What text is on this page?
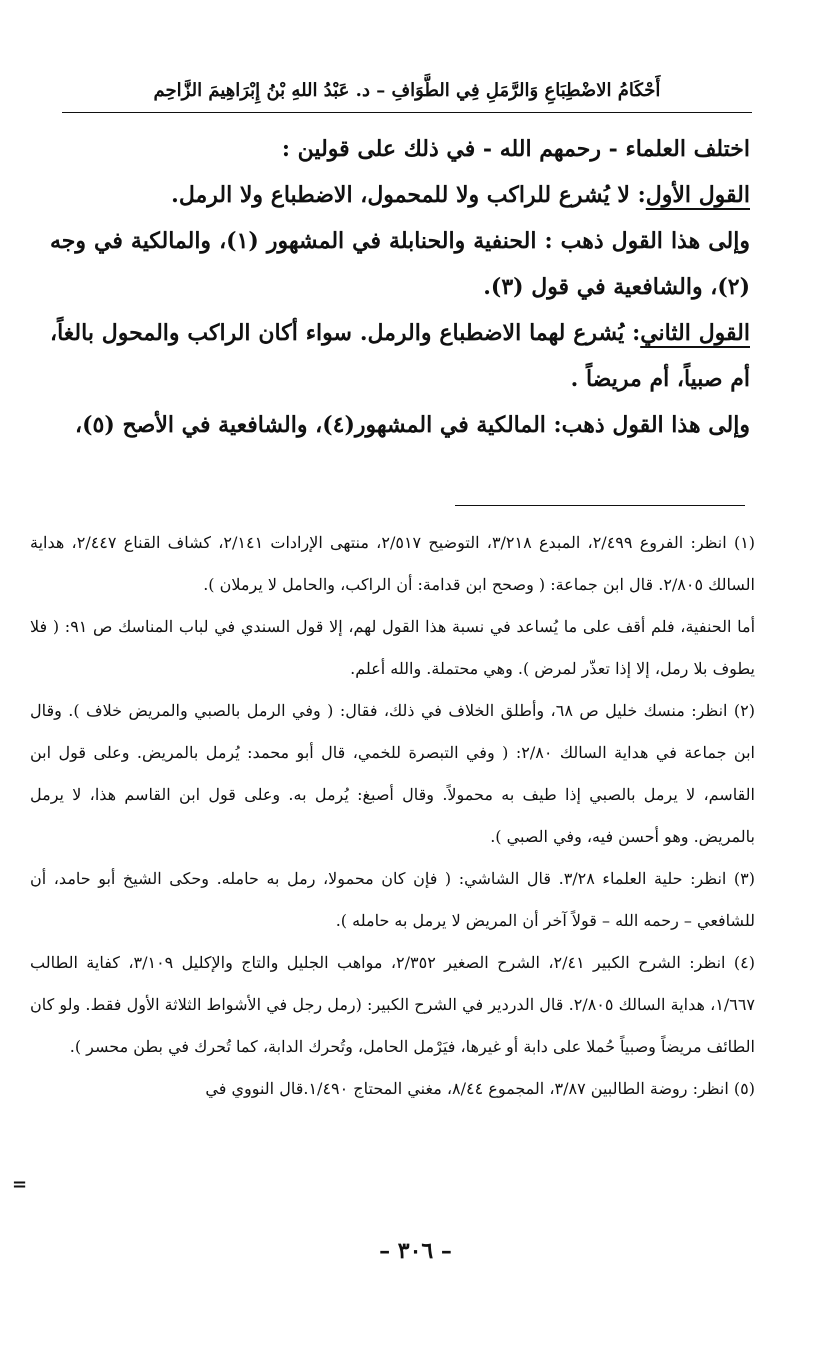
أَحْكَامُ الاضْطِبَاعِ وَالرَّمَلِ فِي الطَّوَافِ – د. عَبْدُ اللهِ بْنُ إِبْرَاهِيمَ الزَّاحِم

اختلف العلماء - رحمهم الله - في ذلك على قولين :

القول الأول: لا يُشرع للراكب ولا للمحمول، الاضطباع ولا الرمل.

وإلى هذا القول ذهب : الحنفية والحنابلة في المشهور (١)، والمالكية في وجه (٢)، والشافعية في قول (٣).

القول الثاني: يُشرع لهما الاضطباع والرمل. سواء أكان الراكب والمحول بالغاً، أم صبياً، أم مريضاً .

وإلى هذا القول ذهب: المالكية في المشهور(٤)، والشافعية في الأصح (٥)،

(١) انظر: الفروع ٢/٤٩٩، المبدع ٣/٢١٨، التوضيح ٢/٥١٧، منتهى الإرادات ٢/١٤١، كشاف القناع ٢/٤٤٧، هداية السالك ٢/٨٠٥. قال ابن جماعة: ( وصحح ابن قدامة: أن الراكب، والحامل لا يرملان ).

أما الحنفية، فلم أقف على ما يُساعد في نسبة هذا القول لهم، إلا قول السندي في لباب المناسك ص ٩١: ( فلا يطوف بلا رمل، إلا إذا تعذّر لمرض ). وهي محتملة. والله أعلم.

(٢) انظر: منسك خليل ص ٦٨، وأطلق الخلاف في ذلك، فقال: ( وفي الرمل بالصبي والمريض خلاف ). وقال ابن جماعة في هداية السالك ٢/٨٠: ( وفي التبصرة للخمي، قال أبو محمد: يُرمل بالمريض. وعلى قول ابن القاسم، لا يرمل بالصبي إذا طيف به محمولاً. وقال أصبغ: يُرمل به. وعلى قول ابن القاسم هذا، لا يرمل بالمريض. وهو أحسن فيه، وفي الصبي ).

(٣) انظر: حلية العلماء ٣/٢٨. قال الشاشي: ( فإن كان محمولا، رمل به حامله. وحكى الشيخ أبو حامد، أن للشافعي – رحمه الله – قولاً آخر أن المريض لا يرمل به حامله ).

(٤) انظر: الشرح الكبير ٢/٤١، الشرح الصغير ٢/٣٥٢، مواهب الجليل والتاج والإكليل ٣/١٠٩، كفاية الطالب ١/٦٦٧، هداية السالك ٢/٨٠٥. قال الدردير في الشرح الكبير: (رمل رجل في الأشواط الثلاثة الأول فقط. ولو كان الطائف مريضاً وصبياً حُملا على دابة أو غيرها، فيَرْمل الحامل، وتُحرك الدابة، كما تُحرك في بطن محسر ).

(٥) انظر: روضة الطالبين ٣/٨٧، المجموع ٨/٤٤، مغني المحتاج ١/٤٩٠.قال النووي في

=
– ٣٠٦ –
